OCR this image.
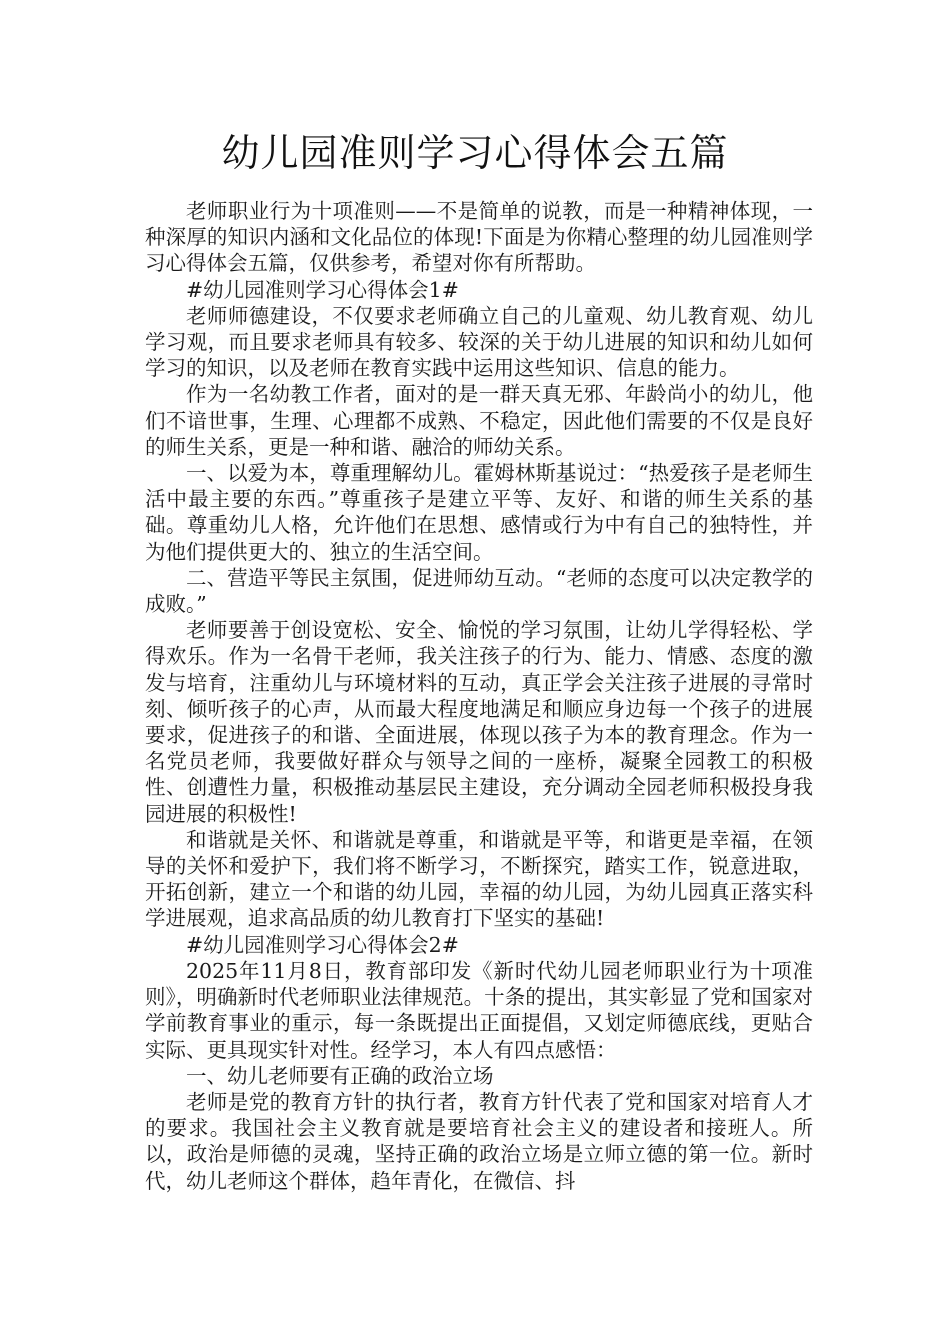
幼儿园准则学习心得体会五篇

老师职业行为十项准则——不是简单的说教，而是一种精神体现，一种深厚的知识内涵和文化品位的体现!下面是为你精心整理的幼儿园准则学习心得体会五篇，仅供参考，希望对你有所帮助。

#幼儿园准则学习心得体会1#

老师师德建设，不仅要求老师确立自己的儿童观、幼儿教育观、幼儿学习观，而且要求老师具有较多、较深的关于幼儿进展的知识和幼儿如何学习的知识，以及老师在教育实践中运用这些知识、信息的能力。

作为一名幼教工作者，面对的是一群天真无邪、年龄尚小的幼儿，他们不谙世事，生理、心理都不成熟、不稳定，因此他们需要的不仅是良好的师生关系，更是一种和谐、融洽的师幼关系。

一、以爱为本，尊重理解幼儿。霍姆林斯基说过：“热爱孩子是老师生活中最主要的东西。”尊重孩子是建立平等、友好、和谐的师生关系的基础。尊重幼儿人格，允许他们在思想、感情或行为中有自己的独特性，并为他们提供更大的、独立的生活空间。

二、营造平等民主氛围，促进师幼互动。“老师的态度可以决定教学的成败。”

老师要善于创设宽松、安全、愉悦的学习氛围，让幼儿学得轻松、学得欢乐。作为一名骨干老师，我关注孩子的行为、能力、情感、态度的激发与培育，注重幼儿与环境材料的互动，真正学会关注孩子进展的寻常时刻、倾听孩子的心声，从而最大程度地满足和顺应身边每一个孩子的进展要求，促进孩子的和谐、全面进展，体现以孩子为本的教育理念。作为一名党员老师，我要做好群众与领导之间的一座桥，凝聚全园教工的积极性、创遭性力量，积极推动基层民主建设，充分调动全园老师积极投身我园进展的积极性!

和谐就是关怀、和谐就是尊重，和谐就是平等，和谐更是幸福，在领导的关怀和爱护下，我们将不断学习，不断探究，踏实工作，锐意进取，开拓创新，建立一个和谐的幼儿园，幸福的幼儿园，为幼儿园真正落实科学进展观，追求高品质的幼儿教育打下坚实的基础!

#幼儿园准则学习心得体会2#

2025年11月8日，教育部印发《新时代幼儿园老师职业行为十项准则》，明确新时代老师职业法律规范。十条的提出，其实彰显了党和国家对学前教育事业的重示，每一条既提出正面提倡，又划定师德底线，更贴合实际、更具现实针对性。经学习，本人有四点感悟：

一、幼儿老师要有正确的政治立场

老师是党的教育方针的执行者，教育方针代表了党和国家对培育人才的要求。我国社会主义教育就是要培育社会主义的建设者和接班人。所以，政治是师德的灵魂，坚持正确的政治立场是立师立德的第一位。新时代，幼儿老师这个群体，趋年青化，在微信、抖
